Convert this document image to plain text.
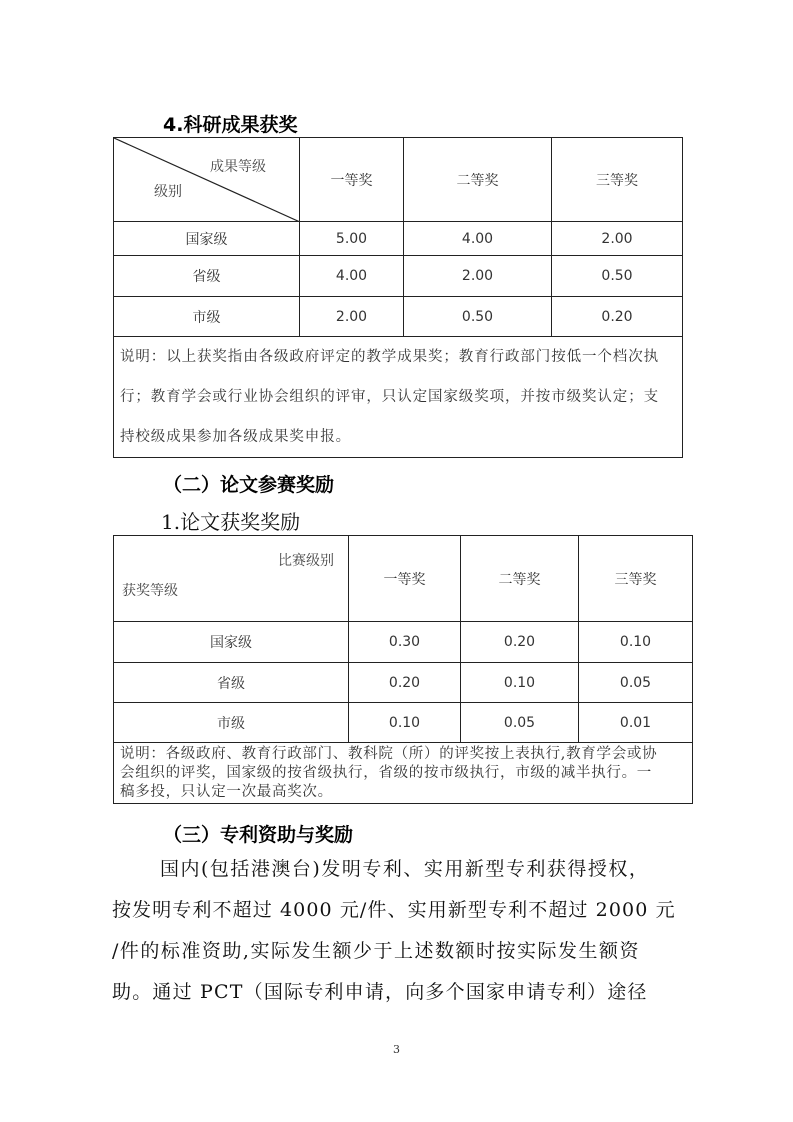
4.科研成果获奖
成果等级
级别	一等奖	二等奖	三等奖
国家级	5.00	4.00	2.00
省级	4.00	2.00	0.50
市级	2.00	0.50	0.20

说明：以上获奖指由各级政府评定的教学成果奖；教育行政部门按低一个档次执
行；教育学会或行业协会组织的评审，只认定国家级奖项，并按市级奖认定；支
持校级成果参加各级成果奖申报。			
（二）论文参赛奖励
1.论文获奖奖励
比赛级别
获奖等级	一等奖	二等奖	三等奖
国家级	0.30	0.20	0.10
省级	0.20	0.10	0.05
市级	0.10	0.05	0.01

说明：各级政府、教育行政部门、教科院（所）的评奖按上表执行,教育学会或协
会组织的评奖，国家级的按省级执行，省级的按市级执行，市级的减半执行。一
稿多投，只认定一次最高奖次。			
（三）专利资助与奖励
国内(包括港澳台)发明专利、实用新型专利获得授权，
按发明专利不超过 4000 元/件、实用新型专利不超过 2000 元
/件的标准资助,实际发生额少于上述数额时按实际发生额资
助。通过 PCT（国际专利申请，向多个国家申请专利）途径
3
